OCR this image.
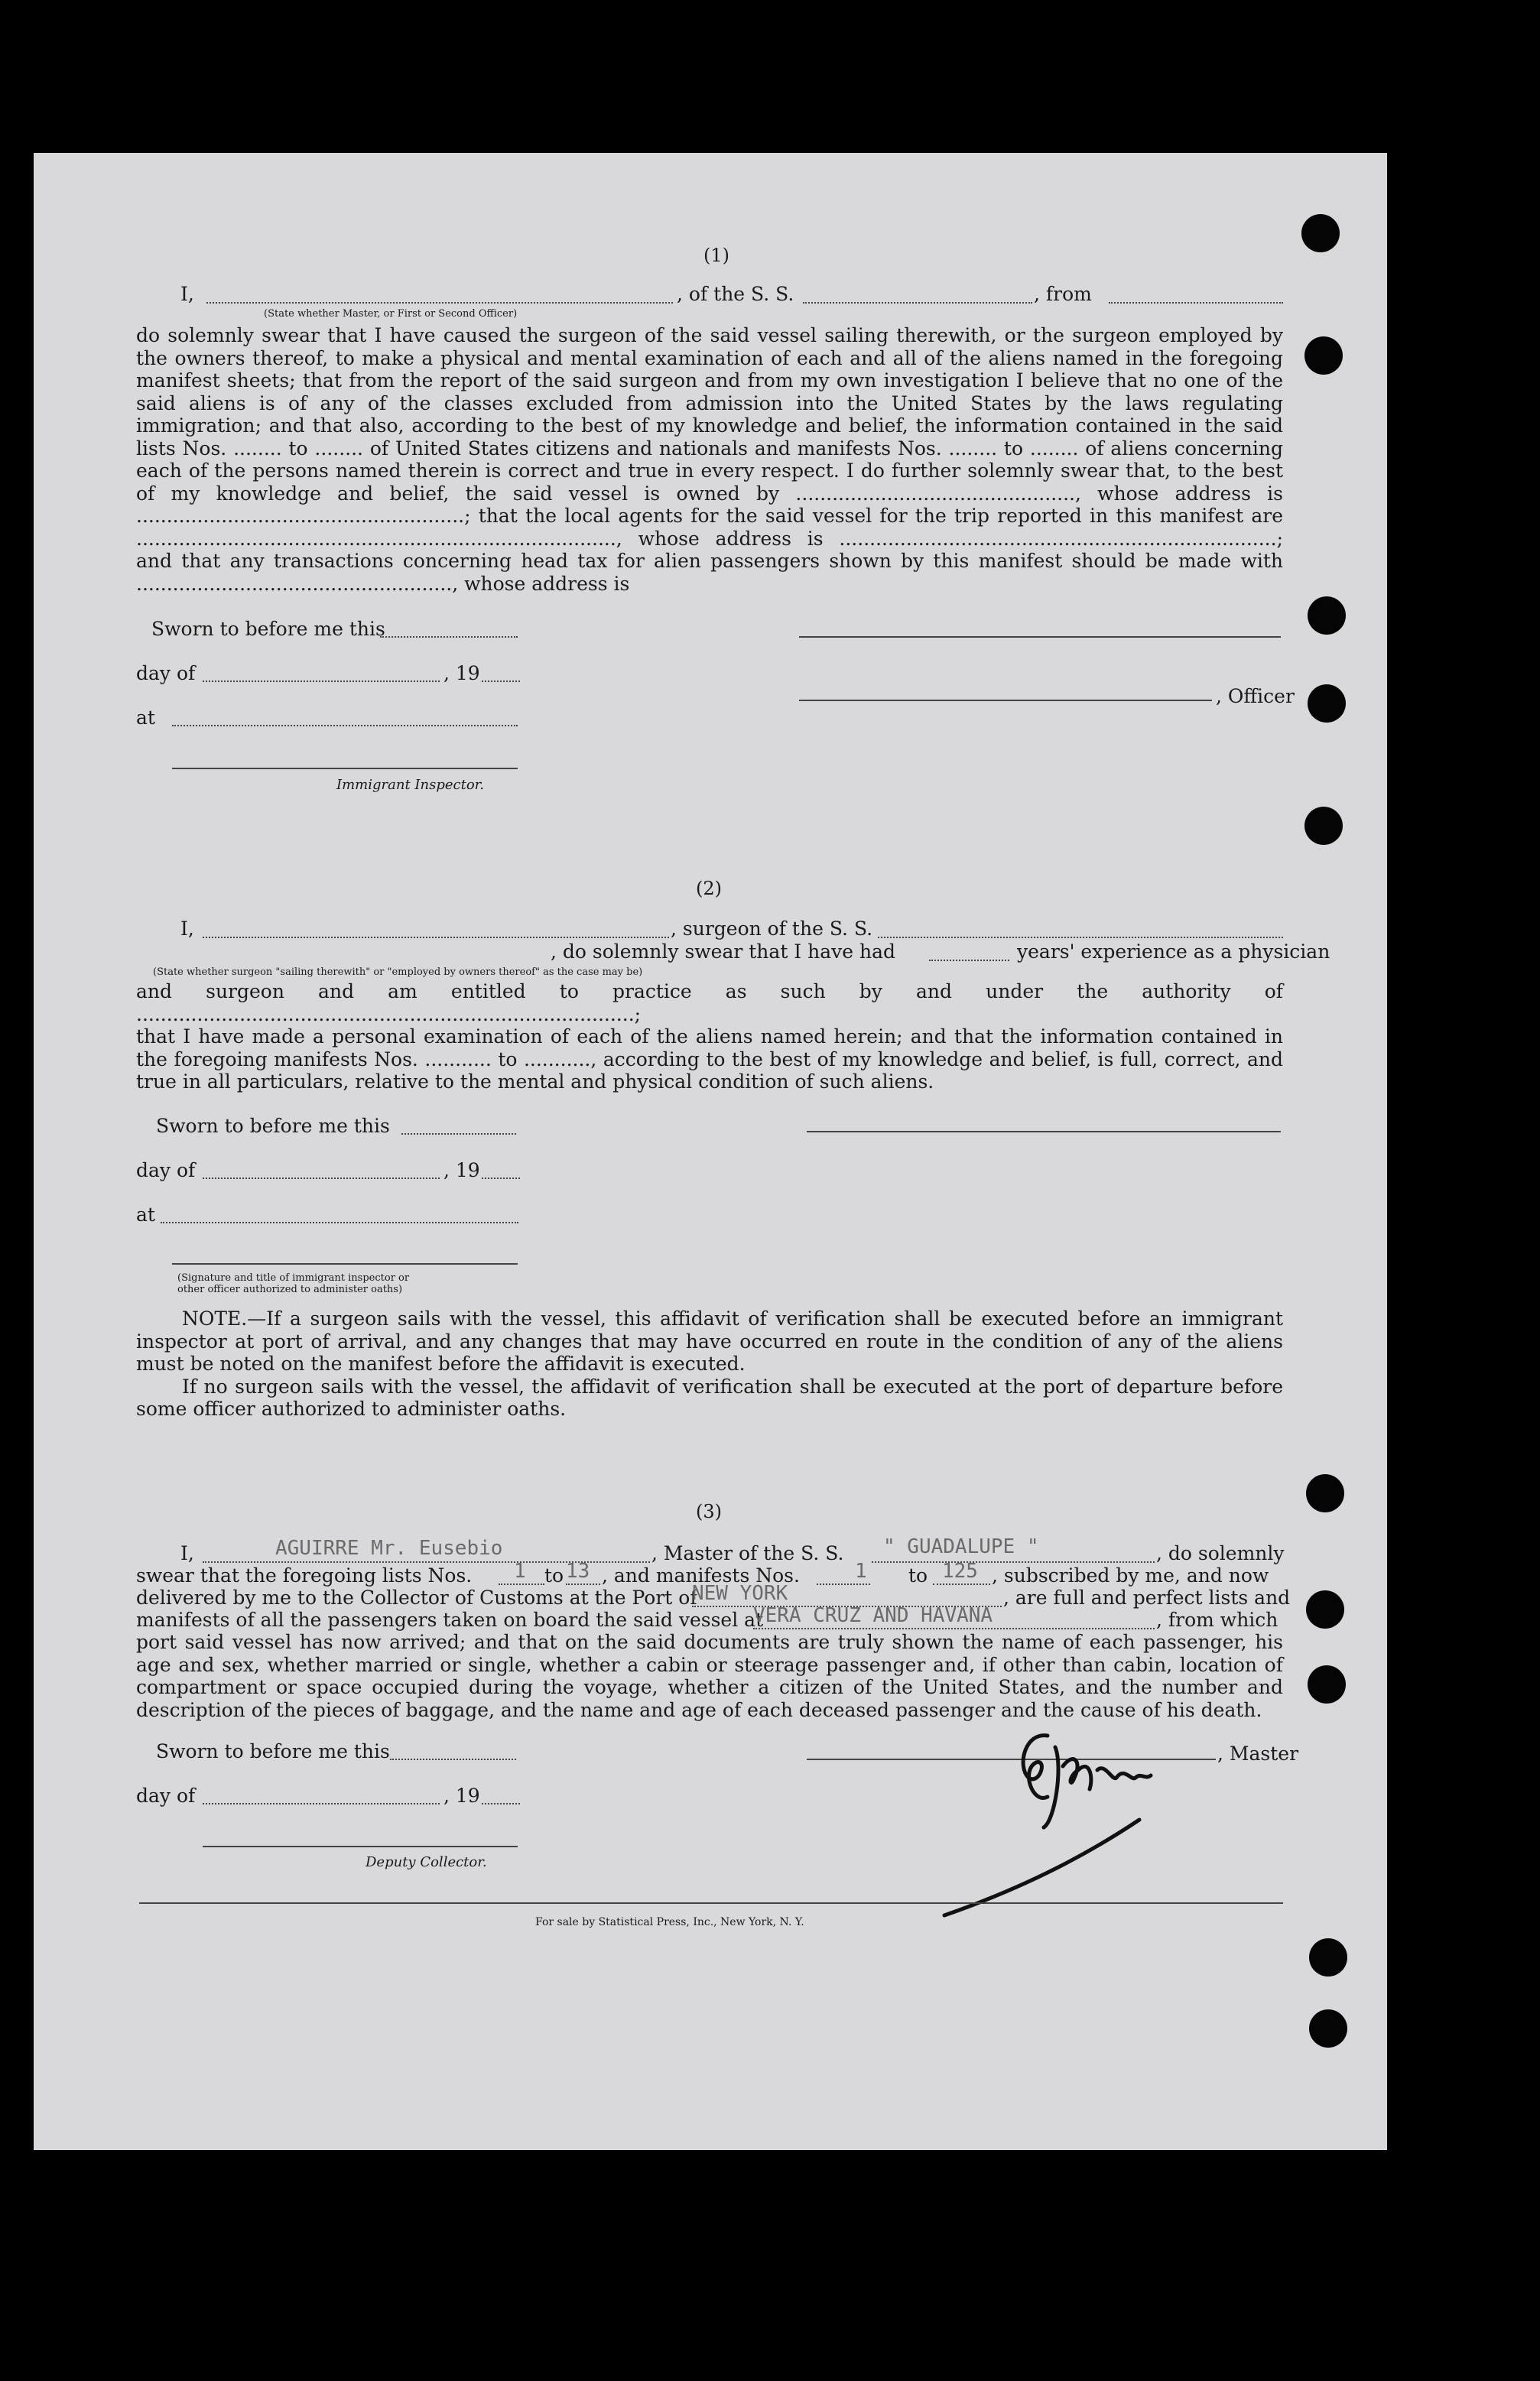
(1)
I,	, of the S. S.	, from
(State whether Master, or First or Second Officer)

do solemnly swear that I have caused the surgeon of the said vessel sailing therewith, or the surgeon employed by the owners thereof, to make a physical and mental examination of each and all of the aliens named in the foregoing manifest sheets; that from the report of the said surgeon and from my own investigation I believe that no one of the said aliens is of any of the classes excluded from admission into the United States by the laws regulating immigration; and that also, according to the best of my knowledge and belief, the information contained in the said lists Nos. ........ to ........ of United States citizens and nationals and manifests Nos. ........ to ........ of aliens concerning each of the persons named therein is correct and true in every respect. I do further solemnly swear that, to the best of my knowledge and belief, the said vessel is owned by .............................................., whose address is ......................................................; that the local agents for the said vessel for the trip reported in this manifest are ..............................................................................., whose address is ........................................................................; and that any transactions concerning head tax for alien passengers shown by this manifest should be made with ...................................................., whose address is

Sworn to before me this
day of	, 19
, Officer
at
Immigrant Inspector.
(2)
I,	, surgeon of the S. S.
, do solemnly swear that I have had	years' experience as a physician
(State whether surgeon "sailing therewith" or "employed by owners thereof" as the case may be)

and surgeon and am entitled to practice as such by and under the authority of ..................................................................................;

that I have made a personal examination of each of the aliens named herein; and that the information contained in the foregoing manifests Nos. ........... to ..........., according to the best of my knowledge and belief, is full, correct, and true in all particulars, relative to the mental and physical condition of such aliens.

Sworn to before me this
day of	, 19
at
(Signature and title of immigrant inspector or
other officer authorized to administer oaths)

NOTE.—If a surgeon sails with the vessel, this affidavit of verification shall be executed before an immigrant inspector at port of arrival, and any changes that may have occurred en route in the condition of any of the aliens must be noted on the manifest before the affidavit is executed.

If no surgeon sails with the vessel, the affidavit of verification shall be executed at the port of departure before some officer authorized to administer oaths.

(3)
I,	AGUIRRE Mr. Eusebio	, Master of the S. S. " GUADALUPE "	, do solemnly
swear that the foregoing lists Nos. 1 to 13 , and manifests Nos.	1 to 125 , subscribed by me, and now
delivered by me to the Collector of Customs at the Port of
NEW YORK	, are full and perfect lists and
manifests of all the passengers taken on board the said vessel at
VERA CRUZ AND HAVANA	, from which

port said vessel has now arrived; and that on the said documents are truly shown the name of each passenger, his age and sex, whether married or single, whether a cabin or steerage passenger and, if other than cabin, location of compartment or space occupied during the voyage, whether a citizen of the United States, and the number and description of the pieces of baggage, and the name and age of each deceased passenger and the cause of his death.

Sworn to before me this	, Master
day of	, 19
Deputy Collector.
For sale by Statistical Press, Inc., New York, N. Y.
